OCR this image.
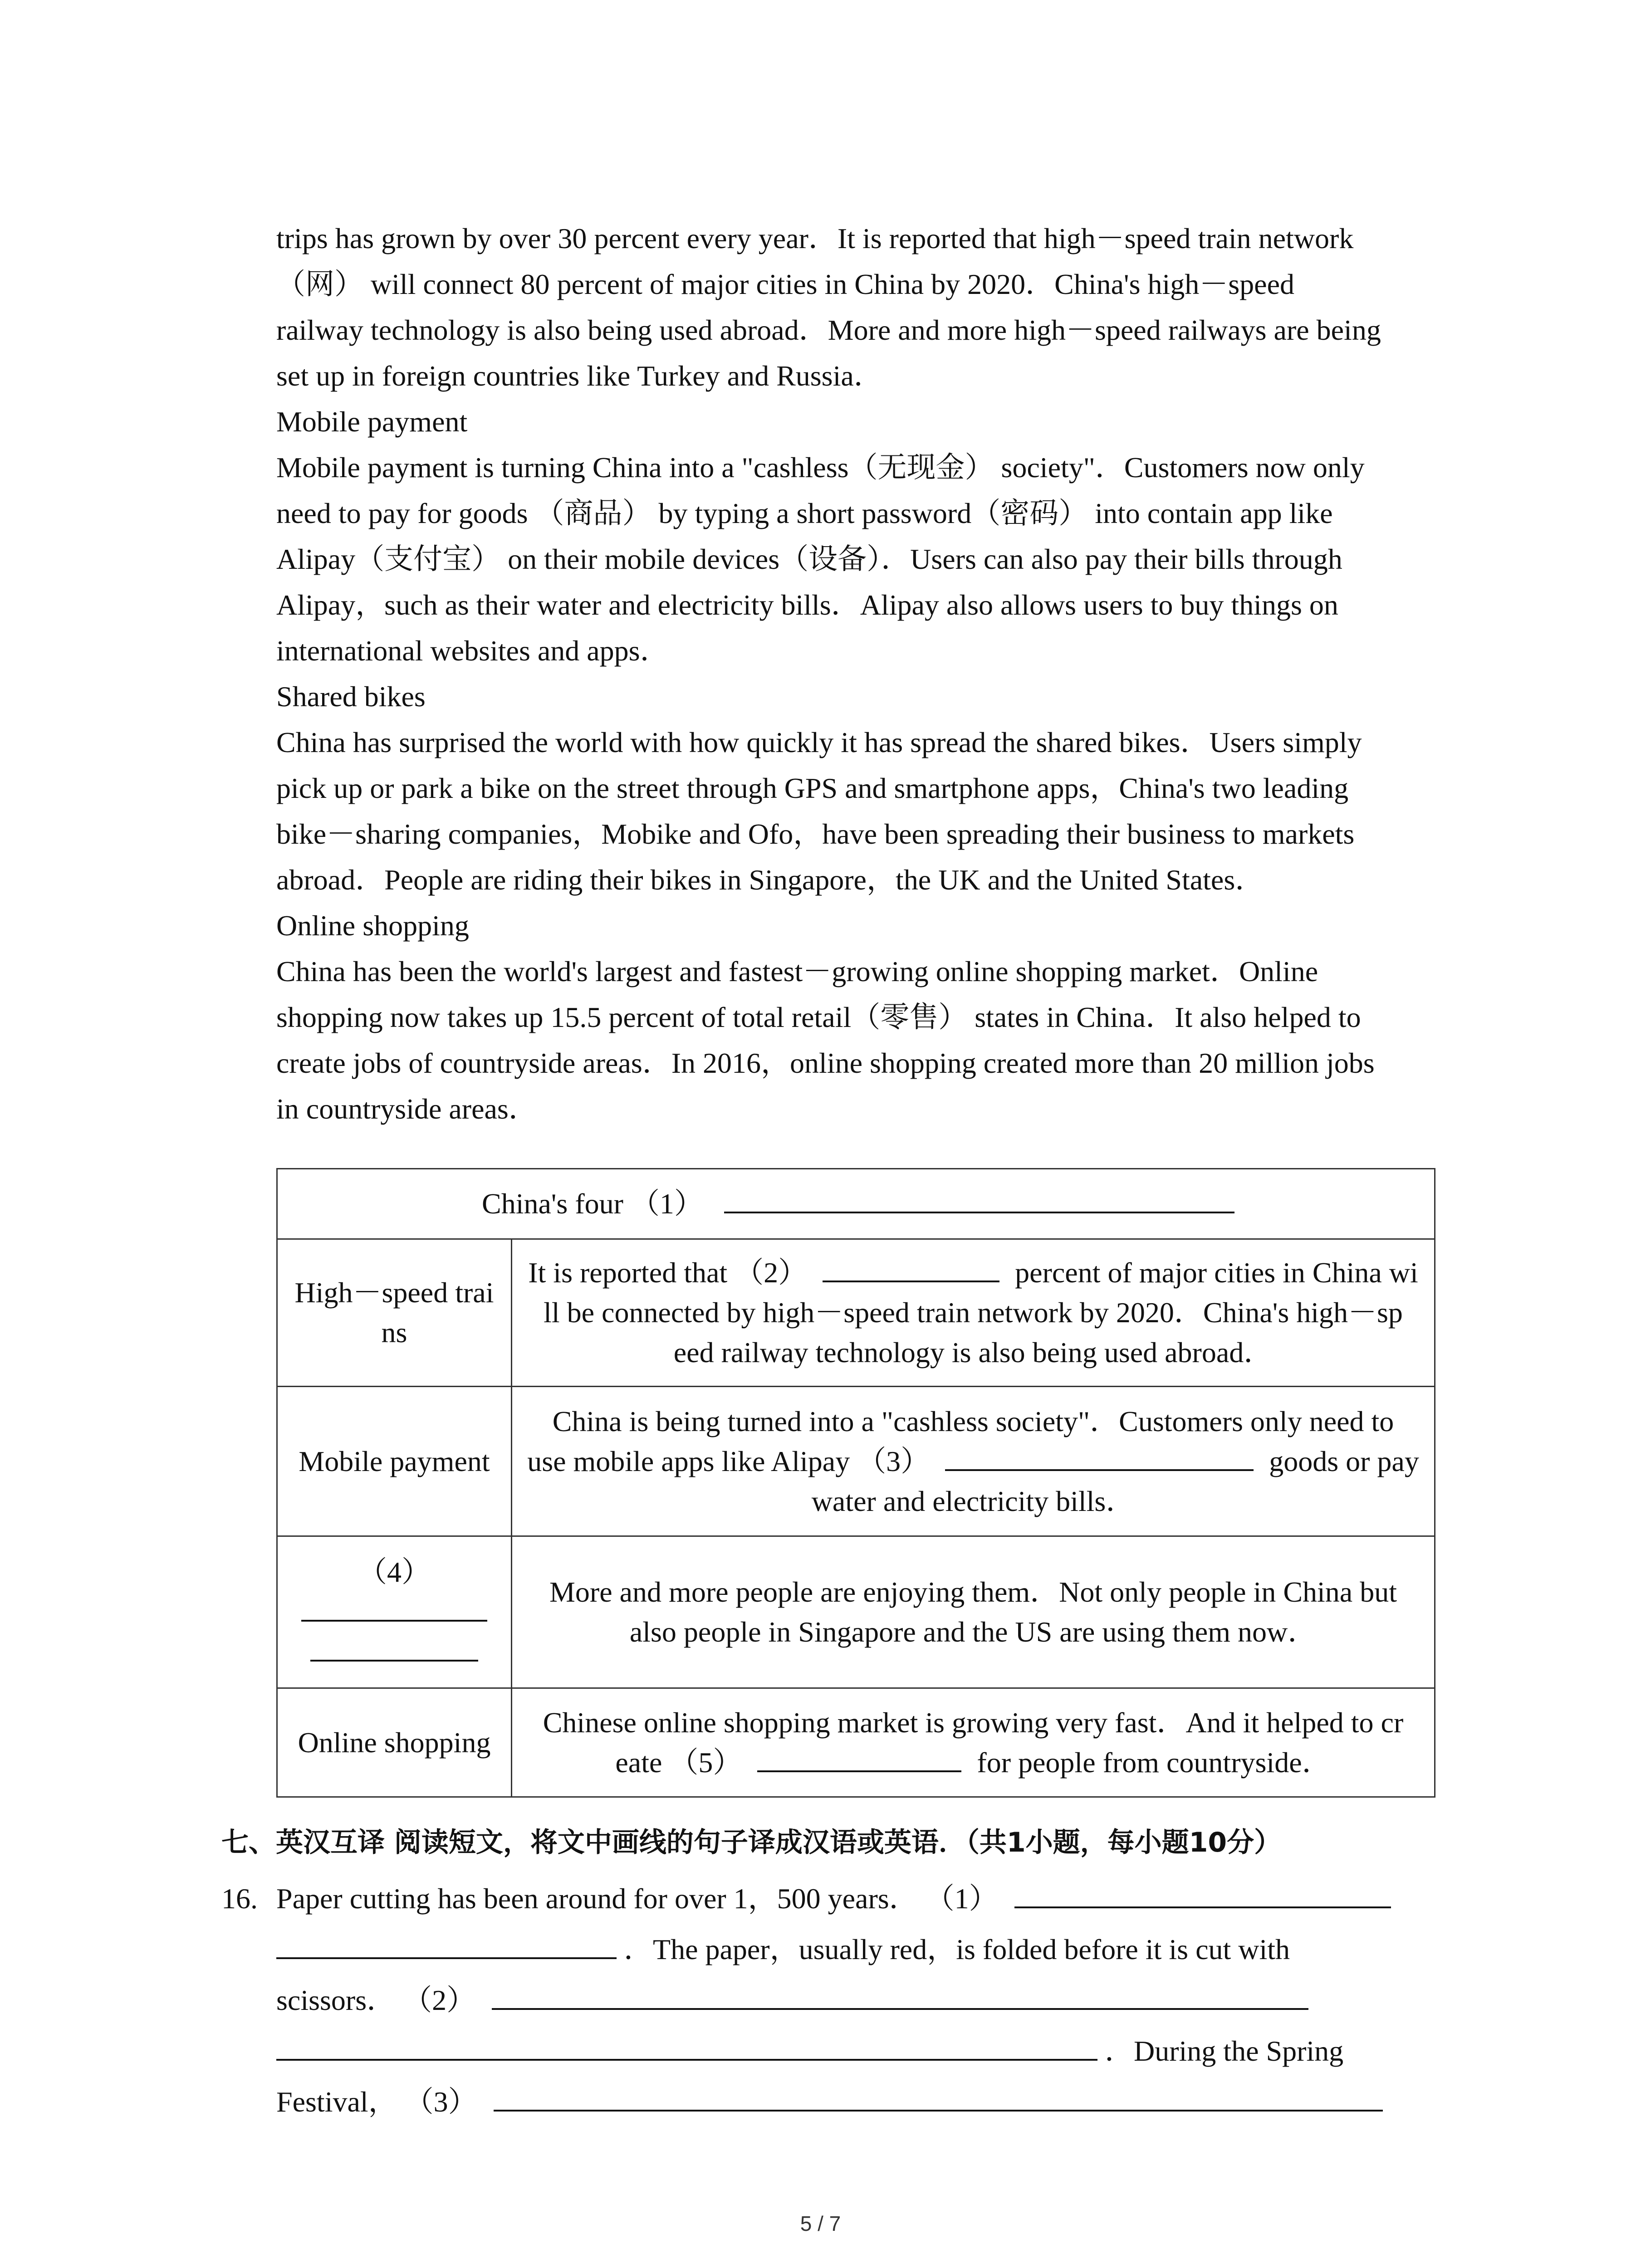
trips has grown by over 30 percent every year．It is reported that high－speed train network
（网） will connect 80 percent of major cities in China by 2020．China's high－speed
railway technology is also being used abroad．More and more high－speed railways are being
set up in foreign countries like Turkey and Russia．

Mobile payment

Mobile payment is turning China into a "cashless（无现金） society"．Customers now only
need to pay for goods （商品） by typing a short password（密码） into contain app like
Alipay（支付宝） on their mobile devices（设备）．Users can also pay their bills through
Alipay，such as their water and electricity bills．Alipay also allows users to buy things on
international websites and apps．

Shared bikes

China has surprised the world with how quickly it has spread the shared bikes．Users simply
pick up or park a bike on the street through GPS and smartphone apps，China's two leading
bike－sharing companies，Mobike and Ofo，have been spreading their business to markets
abroad．People are riding their bikes in Singapore，the UK and the United States．

Online shopping

China has been the world's largest and fastest－growing online shopping market．Online
shopping now takes up 15.5 percent of total retail（零售） states in China．It also helped to
create jobs of countryside areas．In 2016，online shopping created more than 20 million jobs
in countryside areas．

China's four （1）	

High－speed trai
ns	It is reported that （2） percent of major cities in China wi
ll be connected by high－speed train network by 2020．China's high－sp
eed railway technology is also being used abroad．

Mobile payment	China is being turned into a "cashless society"．Customers only need to
use mobile apps like Alipay （3） goods or pay
water and electricity bills．

（4）	More and more people are enjoying them．Not only people in China but
also people in Singapore and the US are using them now．

Online shopping	Chinese online shopping market is growing very fast．And it helped to cr
eate （5） for people from countryside．
七、英汉互译 阅读短文，将文中画线的句子译成汉语或英语．（共1小题，每小题10分）
16. Paper cutting has been around for over 1，500 years． （1）
．The paper，usually red，is folded before it is cut with
scissors． （2）
．During the Spring
Festival， （3）
5 / 7
